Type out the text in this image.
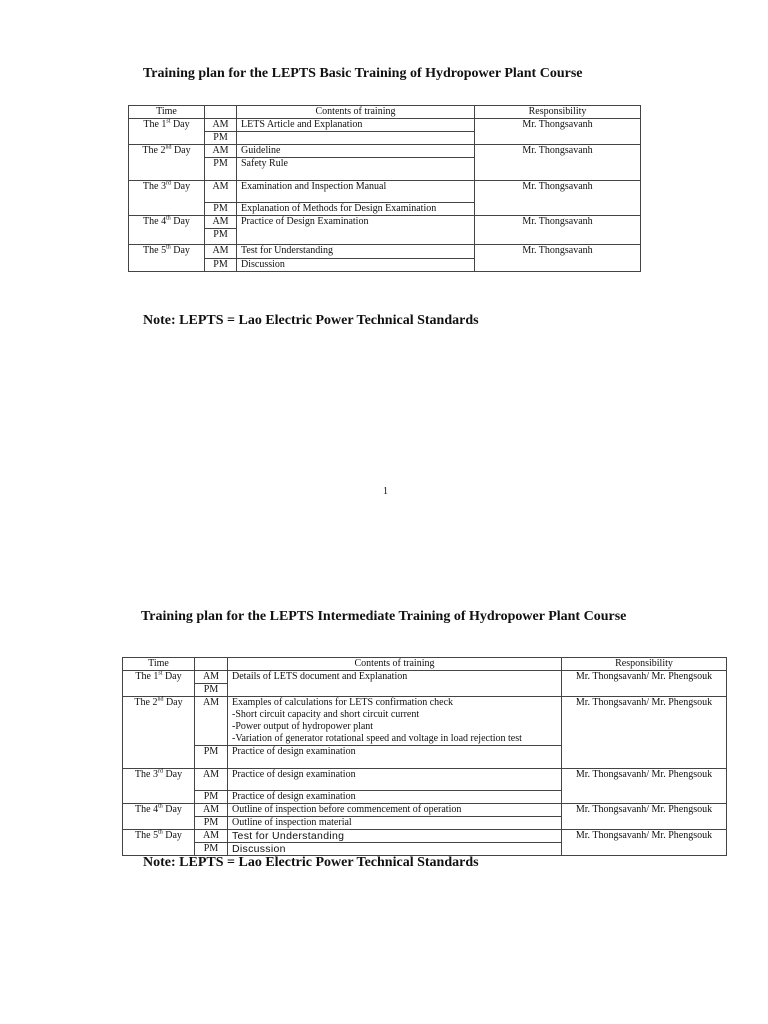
Training plan for the LEPTS Basic Training of Hydropower Plant Course
Time		Contents of training	Responsibility
The 1st Day	AM	LETS Article and Explanation	Mr. Thongsavanh
	PM		
The 2nd Day	AM	Guideline	Mr. Thongsavanh
	PM	Safety Rule	
The 3rd Day	AM	Examination and Inspection Manual	Mr. Thongsavanh
	PM	Explanation of Methods for Design Examination	
The 4th Day	AM	Practice of Design Examination	Mr. Thongsavanh
	PM		
The 5th Day	AM	Test for Understanding	Mr. Thongsavanh
	PM	Discussion	
Note: LEPTS = Lao Electric Power Technical Standards
1
Training plan for the LEPTS Intermediate Training of Hydropower Plant Course
Time		Contents of training	Responsibility
The 1st Day	AM	Details of LETS document and Explanation	Mr. Thongsavanh/ Mr. Phengsouk
	PM		
The 2nd Day	AM	Examples of calculations for LETS confirmation check
-Short circuit capacity and short circuit current
-Power output of hydropower plant
-Variation of generator rotational speed and voltage in load rejection test	Mr. Thongsavanh/ Mr. Phengsouk
	PM	Practice of design examination	
The 3rd Day	AM	Practice of design examination	Mr. Thongsavanh/ Mr. Phengsouk
	PM	Practice of design examination	
The 4th Day	AM	Outline of inspection before commencement of operation	Mr. Thongsavanh/ Mr. Phengsouk
	PM	Outline of inspection material	
The 5th Day	AM	Test for Understanding	Mr. Thongsavanh/ Mr. Phengsouk
	PM	Discussion	
Note: LEPTS = Lao Electric Power Technical Standards
